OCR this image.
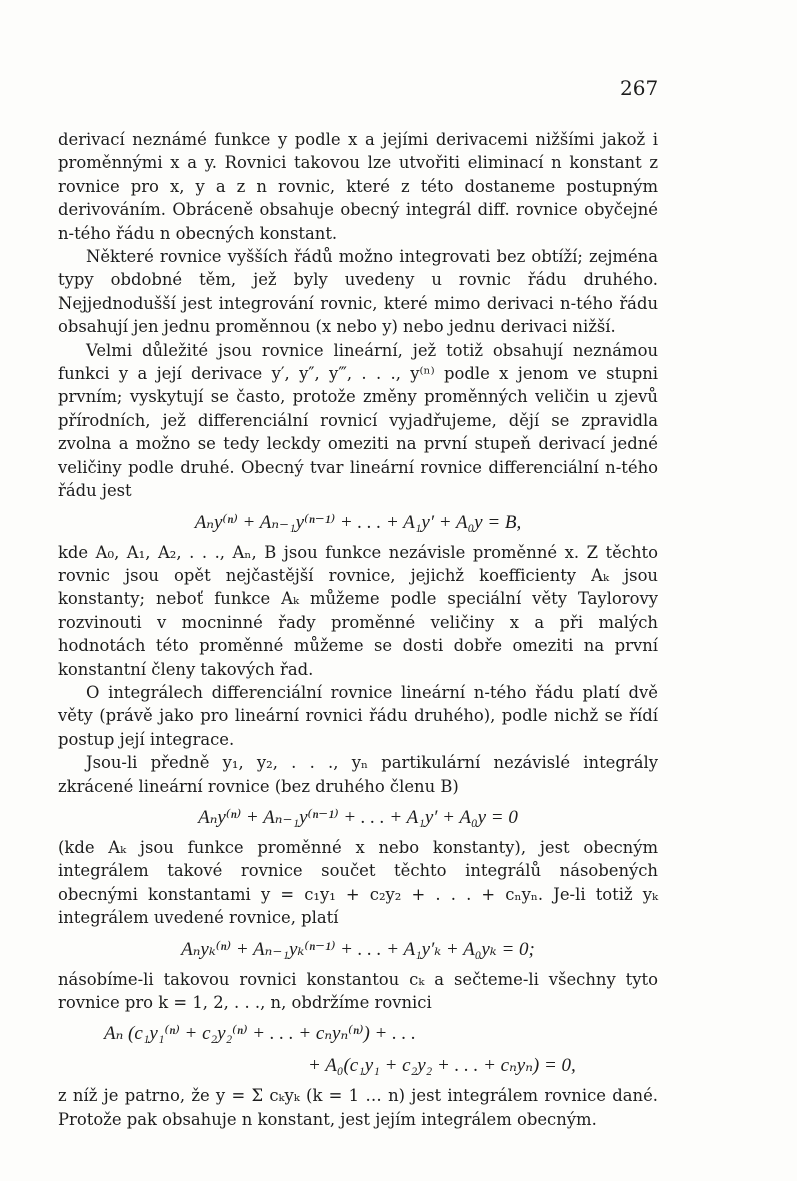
267

derivací neznámé funkce y podle x a jejími derivacemi nižšími jakož i proměnnými x a y. Rovnici takovou lze utvořiti eliminací n konstant z rovnice pro x, y a z n rovnic, které z této dostaneme postupným derivováním. Obráceně obsahuje obecný integrál diff. rovnice obyčejné n-tého řádu n obecných konstant.

Některé rovnice vyšších řádů možno integrovati bez obtíží; zejména typy obdobné těm, jež byly uvedeny u rovnic řádu druhého. Nejjednodušší jest integrování rovnic, které mimo derivaci n-tého řádu obsahují jen jednu proměnnou (x nebo y) nebo jednu derivaci nižší.

Velmi důležité jsou rovnice lineární, jež totiž obsahují neznámou funkci y a její derivace y′, y″, y‴, . . ., y⁽ⁿ⁾ podle x jenom ve stupni prvním; vyskytují se často, protože změny proměnných veličin u zjevů přírodních, jež differenciální rovnicí vyjadřujeme, dějí se zpravidla zvolna a možno se tedy leckdy omeziti na první stupeň derivací jedné veličiny podle druhé. Obecný tvar lineární rovnice differenciální n-tého řádu jest

Aₙy⁽ⁿ⁾ + Aₙ₋₁y⁽ⁿ⁻¹⁾ + . . . + A₁y′ + A₀y = B,

kde A₀, A₁, A₂, . . ., Aₙ, B jsou funkce nezávisle proměnné x. Z těchto rovnic jsou opět nejčastější rovnice, jejichž koefficienty Aₖ jsou konstanty; neboť funkce Aₖ můžeme podle speciální věty Taylorovy rozvinouti v mocninné řady proměnné veličiny x a při malých hodnotách této proměnné můžeme se dosti dobře omeziti na první konstantní členy takových řad.

O integrálech differenciální rovnice lineární n-tého řádu platí dvě věty (právě jako pro lineární rovnici řádu druhého), podle nichž se řídí postup její integrace.

Jsou-li předně y₁, y₂, . . ., yₙ partikulární nezávislé integrály zkrácené lineární rovnice (bez druhého členu B)

Aₙy⁽ⁿ⁾ + Aₙ₋₁y⁽ⁿ⁻¹⁾ + . . . + A₁y′ + A₀y = 0

(kde Aₖ jsou funkce proměnné x nebo konstanty), jest obecným integrálem takové rovnice součet těchto integrálů násobených obecnými konstantami y = c₁y₁ + c₂y₂ + . . . + cₙyₙ. Je-li totiž yₖ integrálem uvedené rovnice, platí

Aₙyₖ⁽ⁿ⁾ + Aₙ₋₁yₖ⁽ⁿ⁻¹⁾ + . . . + A₁y′ₖ + A₀yₖ = 0;

násobíme-li takovou rovnici konstantou cₖ a sečteme-li všechny tyto rovnice pro k = 1, 2, . . ., n, obdržíme rovnici

Aₙ (c₁y₁⁽ⁿ⁾ + c₂y₂⁽ⁿ⁾ + . . . + cₙyₙ⁽ⁿ⁾) + . . .
+ A₀(c₁y₁ + c₂y₂ + . . . + cₙyₙ) = 0,

z níž je patrno, že y = Σ cₖyₖ (k = 1 … n) jest integrálem rovnice dané. Protože pak obsahuje n konstant, jest jejím integrálem obecným.
